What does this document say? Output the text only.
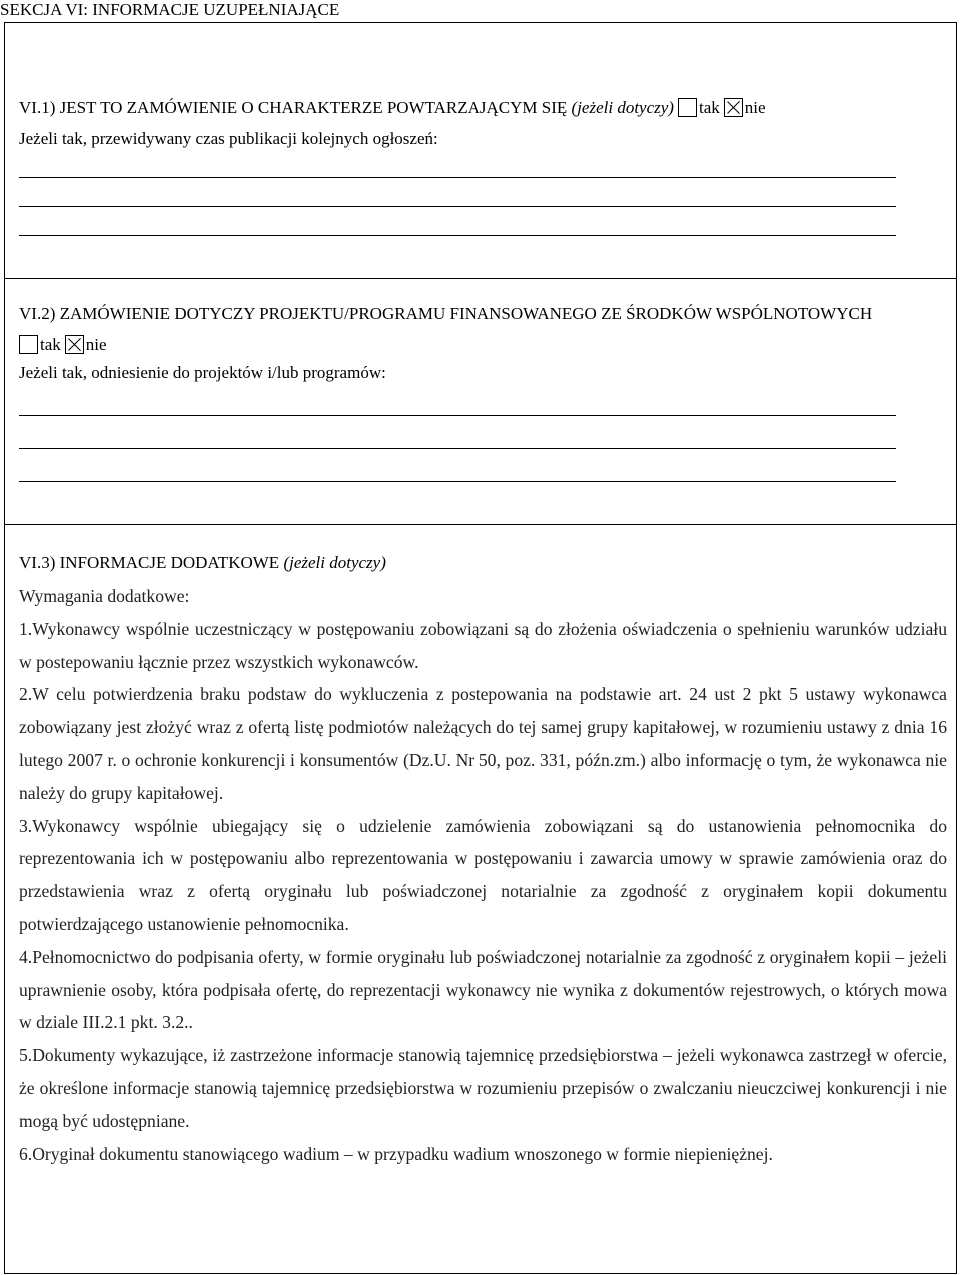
SEKCJA VI: INFORMACJE UZUPEŁNIAJĄCE
VI.1) JEST TO ZAMÓWIENIE O CHARAKTERZE POWTARZAJĄCYM SIĘ (jeżeli dotyczy) tak nie
Jeżeli tak, przewidywany czas publikacji kolejnych ogłoszeń:
VI.2) ZAMÓWIENIE DOTYCZY PROJEKTU/PROGRAMU FINANSOWANEGO ZE ŚRODKÓW WSPÓLNOTOWYCH
tak nie
Jeżeli tak, odniesienie do projektów i/lub programów:
VI.3) INFORMACJE DODATKOWE (jeżeli dotyczy)

Wymagania dodatkowe:

1.Wykonawcy wspólnie uczestniczący w postępowaniu zobowiązani są do złożenia oświadczenia o spełnieniu warunków udziału w postepowaniu łącznie przez wszystkich wykonawców.

2.W celu potwierdzenia braku podstaw do wykluczenia z postepowania na podstawie art. 24 ust 2 pkt 5 ustawy wykonawca zobowiązany jest złożyć wraz z ofertą listę podmiotów należących do tej samej grupy kapitałowej, w rozumieniu ustawy z dnia 16 lutego 2007 r. o ochronie konkurencji i konsumentów (Dz.U. Nr 50, poz. 331, późn.zm.) albo informację o tym, że wykonawca nie należy do grupy kapitałowej.

3.Wykonawcy wspólnie ubiegający się o udzielenie zamówienia zobowiązani są do ustanowienia pełnomocnika do reprezentowania ich w postępowaniu albo reprezentowania w postępowaniu i zawarcia umowy w sprawie zamówienia oraz do przedstawienia wraz z ofertą oryginału lub poświadczonej notarialnie za zgodność z oryginałem kopii dokumentu potwierdzającego ustanowienie pełnomocnika.

4.Pełnomocnictwo do podpisania oferty, w formie oryginału lub poświadczonej notarialnie za zgodność z oryginałem kopii – jeżeli uprawnienie osoby, która podpisała ofertę, do reprezentacji wykonawcy nie wynika z dokumentów rejestrowych, o których mowa w dziale III.2.1 pkt. 3.2..

5.Dokumenty wykazujące, iż zastrzeżone informacje stanowią tajemnicę przedsiębiorstwa – jeżeli wykonawca zastrzegł w ofercie, że określone informacje stanowią tajemnicę przedsiębiorstwa w rozumieniu przepisów o zwalczaniu nieuczciwej konkurencji i nie mogą być udostępniane.

6.Oryginał dokumentu stanowiącego wadium – w przypadku wadium wnoszonego w formie niepieniężnej.
